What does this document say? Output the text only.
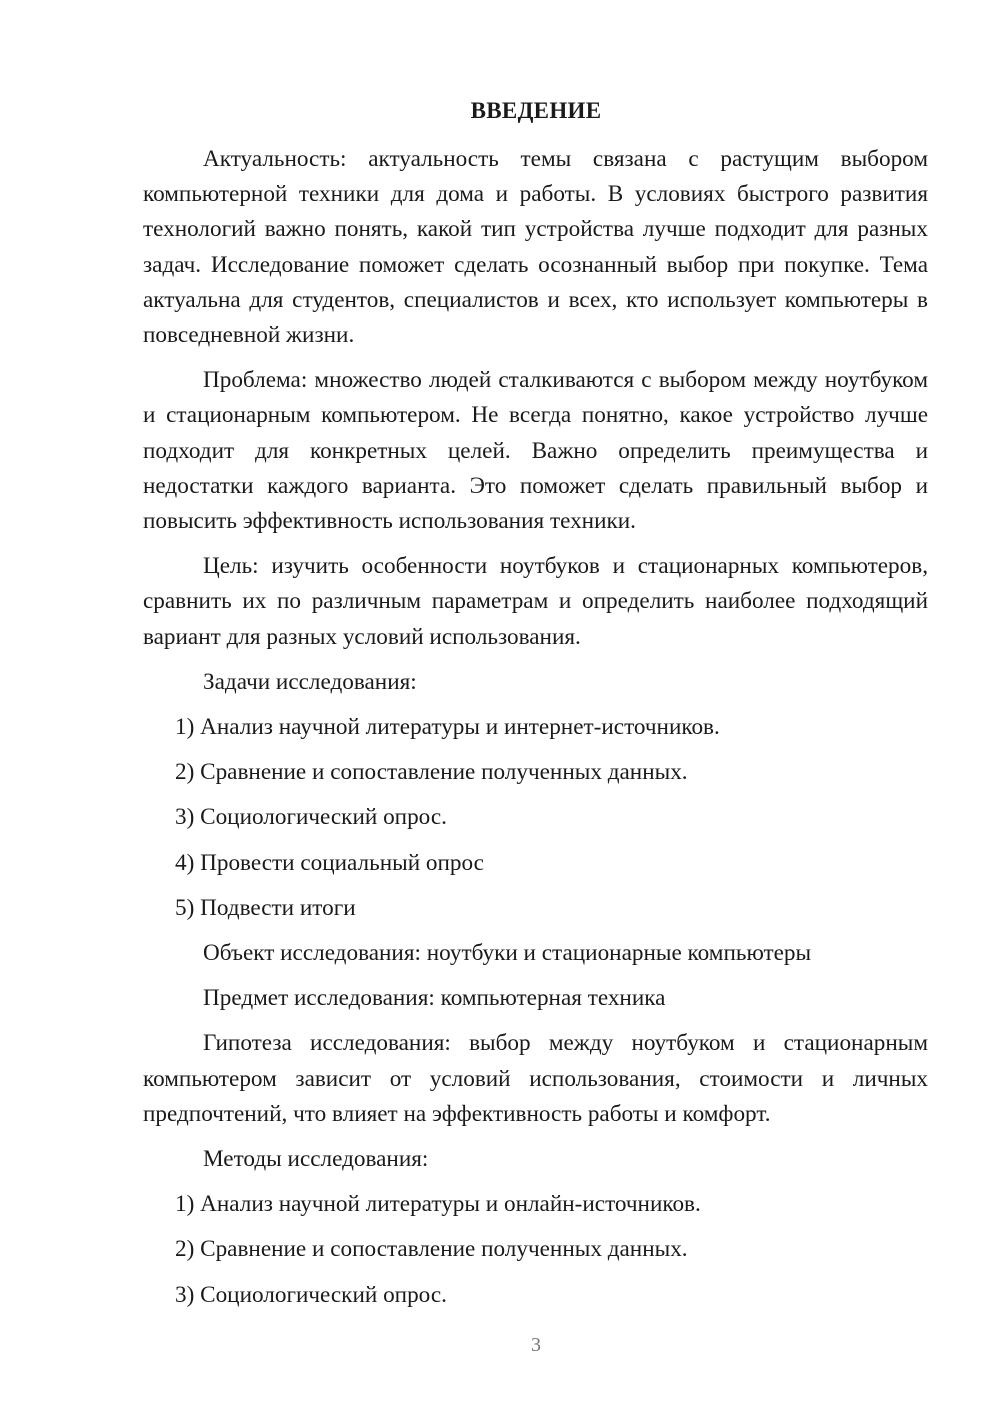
ВВЕДЕНИЕ

Актуальность: актуальность темы связана с растущим выбором компьютерной техники для дома и работы. В условиях быстрого развития технологий важно понять, какой тип устройства лучше подходит для разных задач. Исследование поможет сделать осознанный выбор при покупке. Тема актуальна для студентов, специалистов и всех, кто использует компьютеры в повседневной жизни.

Проблема: множество людей сталкиваются с выбором между ноутбуком и стационарным компьютером. Не всегда понятно, какое устройство лучше подходит для конкретных целей. Важно определить преимущества и недостатки каждого варианта. Это поможет сделать правильный выбор и повысить эффективность использования техники.

Цель: изучить особенности ноутбуков и стационарных компьютеров, сравнить их по различным параметрам и определить наиболее подходящий вариант для разных условий использования.

Задачи исследования:

1) Анализ научной литературы и интернет-источников.

2) Сравнение и сопоставление полученных данных.

3) Социологический опрос.

4) Провести социальный опрос

5) Подвести итоги

Объект исследования: ноутбуки и стационарные компьютеры

Предмет исследования: компьютерная техника

Гипотеза исследования: выбор между ноутбуком и стационарным компьютером зависит от условий использования, стоимости и личных предпочтений, что влияет на эффективность работы и комфорт.

Методы исследования:

1) Анализ научной литературы и онлайн-источников.

2) Сравнение и сопоставление полученных данных.

3) Социологический опрос.

3
